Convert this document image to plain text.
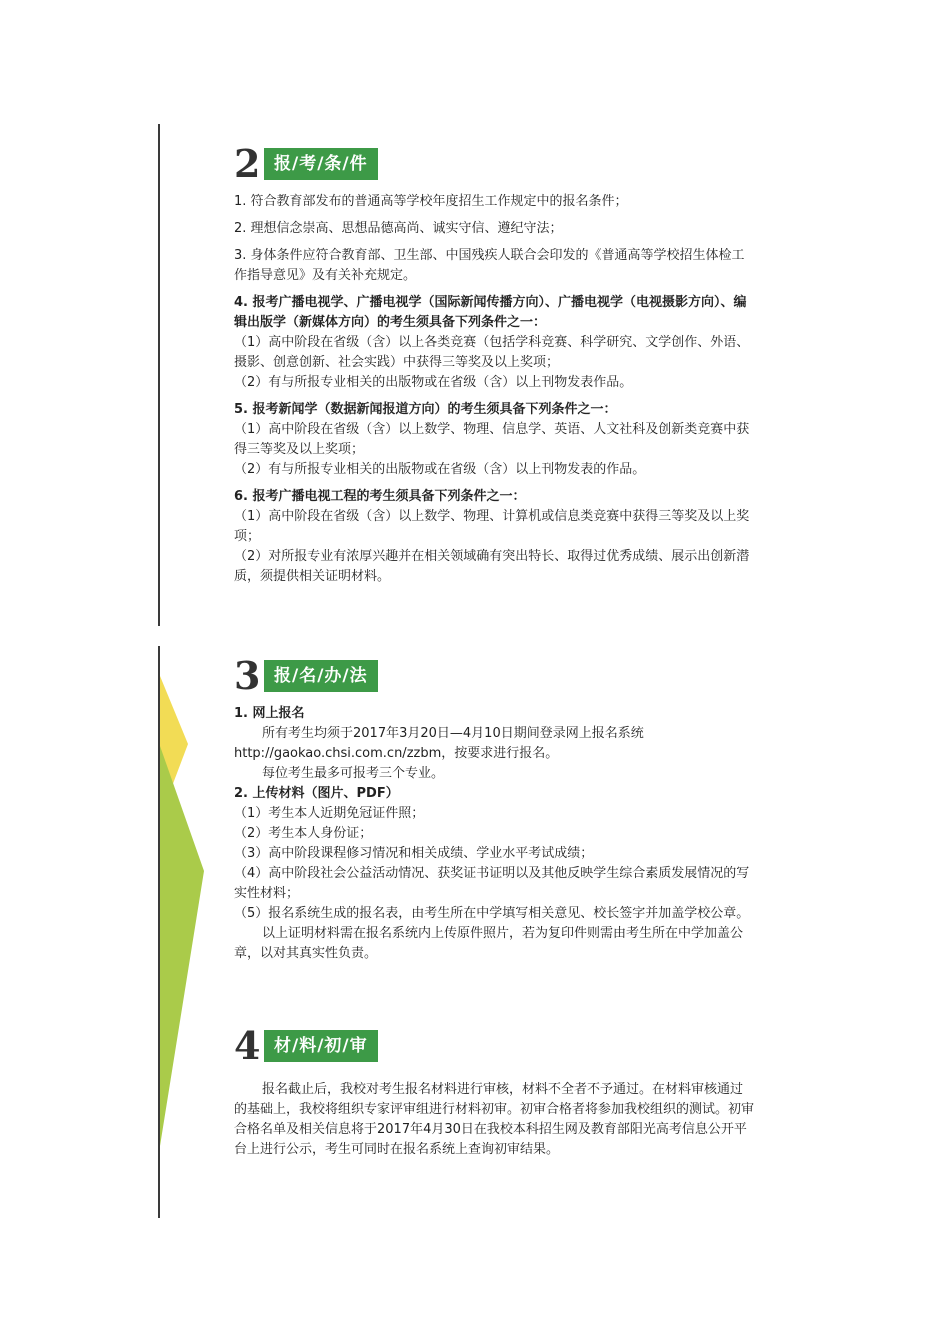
2 报/考/条/件

1. 符合教育部发布的普通高等学校年度招生工作规定中的报名条件；

2. 理想信念崇高、思想品德高尚、诚实守信、遵纪守法；

3. 身体条件应符合教育部、卫生部、中国残疾人联合会印发的《普通高等学校招生体检工作指导意见》及有关补充规定。

4. 报考广播电视学、广播电视学（国际新闻传播方向）、广播电视学（电视摄影方向）、编辑出版学（新媒体方向）的考生须具备下列条件之一：

（1）高中阶段在省级（含）以上各类竞赛（包括学科竞赛、科学研究、文学创作、外语、摄影、创意创新、社会实践）中获得三等奖及以上奖项；

（2）有与所报专业相关的出版物或在省级（含）以上刊物发表作品。

5. 报考新闻学（数据新闻报道方向）的考生须具备下列条件之一：

（1）高中阶段在省级（含）以上数学、物理、信息学、英语、人文社科及创新类竞赛中获得三等奖及以上奖项；

（2）有与所报专业相关的出版物或在省级（含）以上刊物发表的作品。

6. 报考广播电视工程的考生须具备下列条件之一：

（1）高中阶段在省级（含）以上数学、物理、计算机或信息类竞赛中获得三等奖及以上奖项；

（2）对所报专业有浓厚兴趣并在相关领域确有突出特长、取得过优秀成绩、展示出创新潜质，须提供相关证明材料。

3 报/名/办/法

1. 网上报名

所有考生均须于2017年3月20日—4月10日期间登录网上报名系统http://gaokao.chsi.com.cn/zzbm，按要求进行报名。

每位考生最多可报考三个专业。

2. 上传材料（图片、PDF）

（1）考生本人近期免冠证件照；

（2）考生本人身份证；

（3）高中阶段课程修习情况和相关成绩、学业水平考试成绩；

（4）高中阶段社会公益活动情况、获奖证书证明以及其他反映学生综合素质发展情况的写实性材料；

（5）报名系统生成的报名表，由考生所在中学填写相关意见、校长签字并加盖学校公章。

以上证明材料需在报名系统内上传原件照片，若为复印件则需由考生所在中学加盖公章，以对其真实性负责。

4 材/料/初/审

报名截止后，我校对考生报名材料进行审核，材料不全者不予通过。在材料审核通过的基础上，我校将组织专家评审组进行材料初审。初审合格者将参加我校组织的测试。初审合格名单及相关信息将于2017年4月30日在我校本科招生网及教育部阳光高考信息公开平台上进行公示，考生可同时在报名系统上查询初审结果。
